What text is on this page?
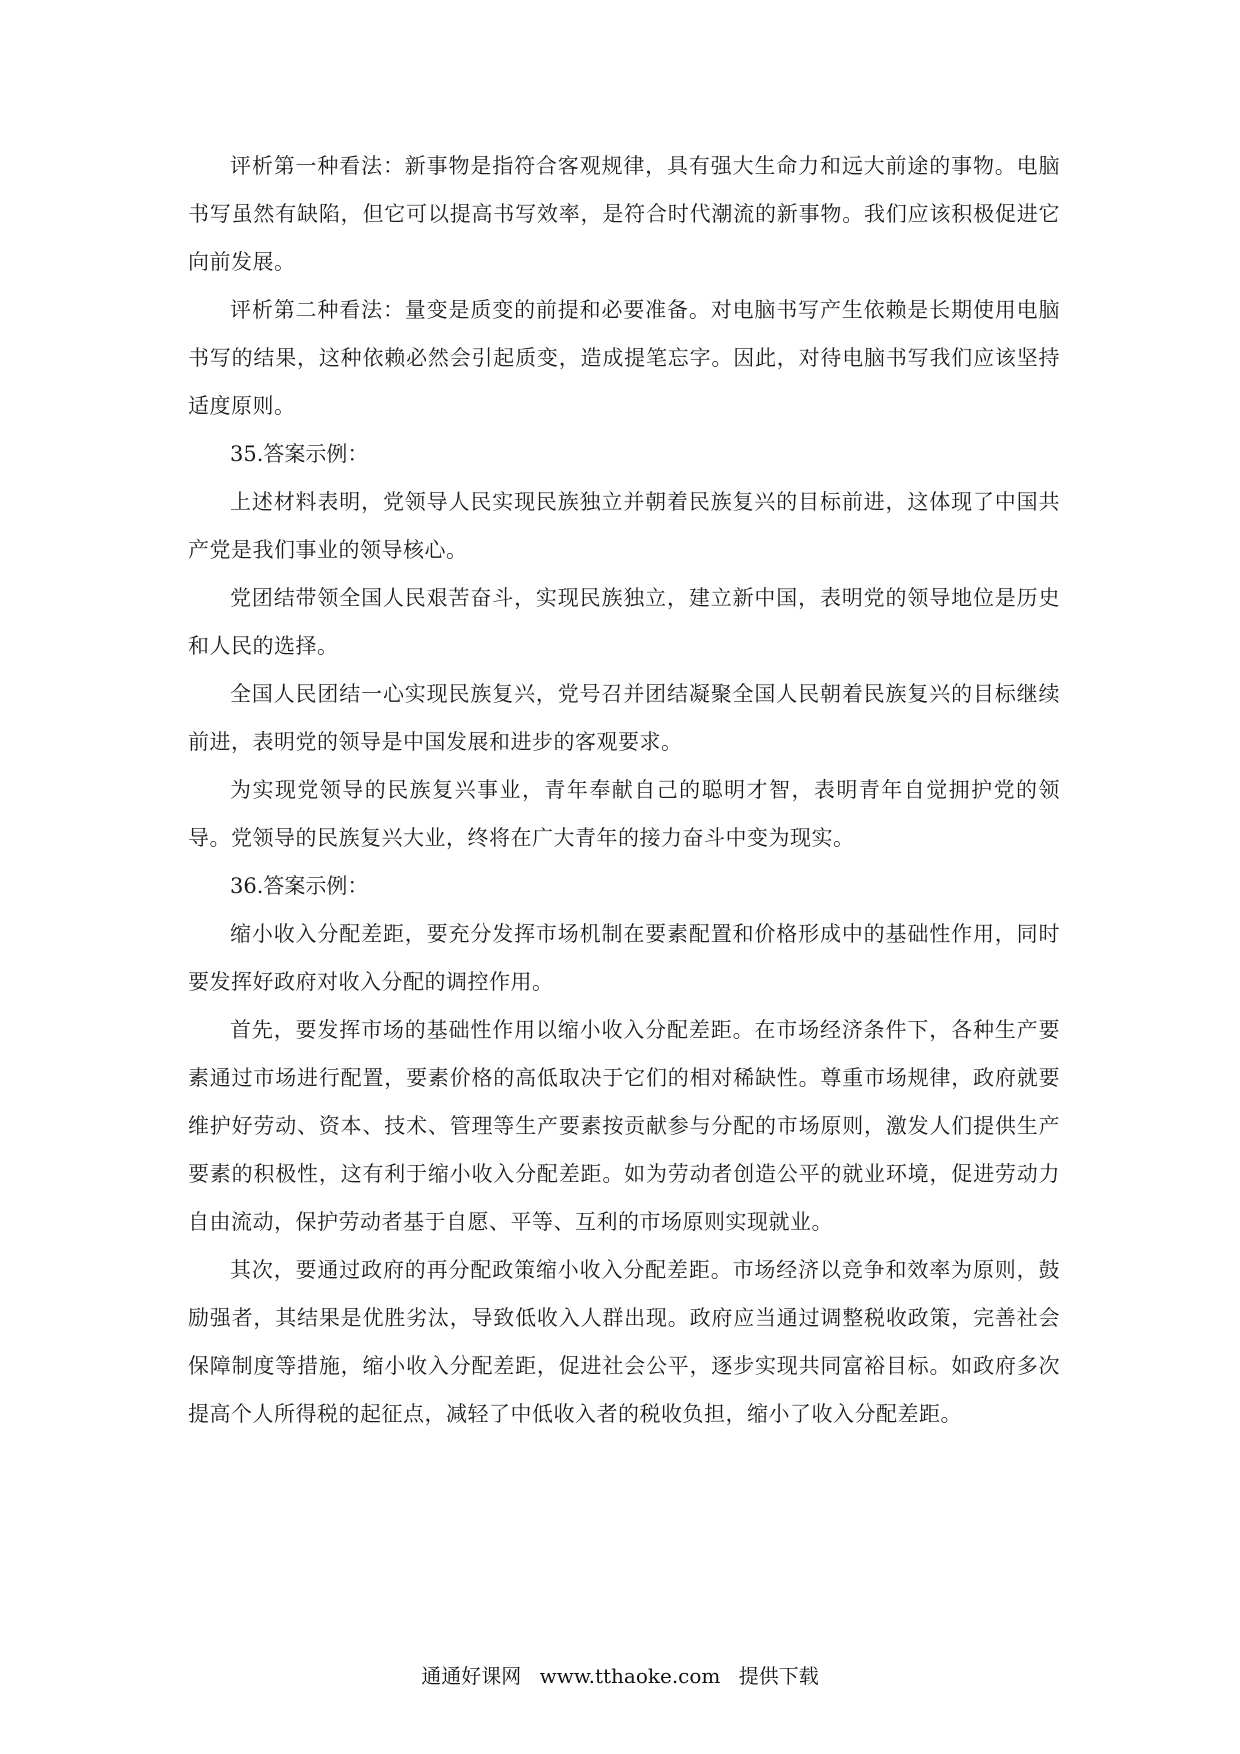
评析第一种看法：新事物是指符合客观规律，具有强大生命力和远大前途的事物。电脑书写虽然有缺陷，但它可以提高书写效率，是符合时代潮流的新事物。我们应该积极促进它向前发展。

评析第二种看法：量变是质变的前提和必要准备。对电脑书写产生依赖是长期使用电脑书写的结果，这种依赖必然会引起质变，造成提笔忘字。因此，对待电脑书写我们应该坚持适度原则。

35.答案示例：

上述材料表明，党领导人民实现民族独立并朝着民族复兴的目标前进，这体现了中国共产党是我们事业的领导核心。

党团结带领全国人民艰苦奋斗，实现民族独立，建立新中国，表明党的领导地位是历史和人民的选择。

全国人民团结一心实现民族复兴，党号召并团结凝聚全国人民朝着民族复兴的目标继续前进，表明党的领导是中国发展和进步的客观要求。

为实现党领导的民族复兴事业，青年奉献自己的聪明才智，表明青年自觉拥护党的领导。党领导的民族复兴大业，终将在广大青年的接力奋斗中变为现实。

36.答案示例：

缩小收入分配差距，要充分发挥市场机制在要素配置和价格形成中的基础性作用，同时要发挥好政府对收入分配的调控作用。

首先，要发挥市场的基础性作用以缩小收入分配差距。在市场经济条件下，各种生产要素通过市场进行配置，要素价格的高低取决于它们的相对稀缺性。尊重市场规律，政府就要维护好劳动、资本、技术、管理等生产要素按贡献参与分配的市场原则，激发人们提供生产要素的积极性，这有利于缩小收入分配差距。如为劳动者创造公平的就业环境，促进劳动力自由流动，保护劳动者基于自愿、平等、互利的市场原则实现就业。

其次，要通过政府的再分配政策缩小收入分配差距。市场经济以竞争和效率为原则，鼓励强者，其结果是优胜劣汰，导致低收入人群出现。政府应当通过调整税收政策，完善社会保障制度等措施，缩小收入分配差距，促进社会公平，逐步实现共同富裕目标。如政府多次提高个人所得税的起征点，减轻了中低收入者的税收负担，缩小了收入分配差距。

通通好课网 www.tthaoke.com 提供下载
